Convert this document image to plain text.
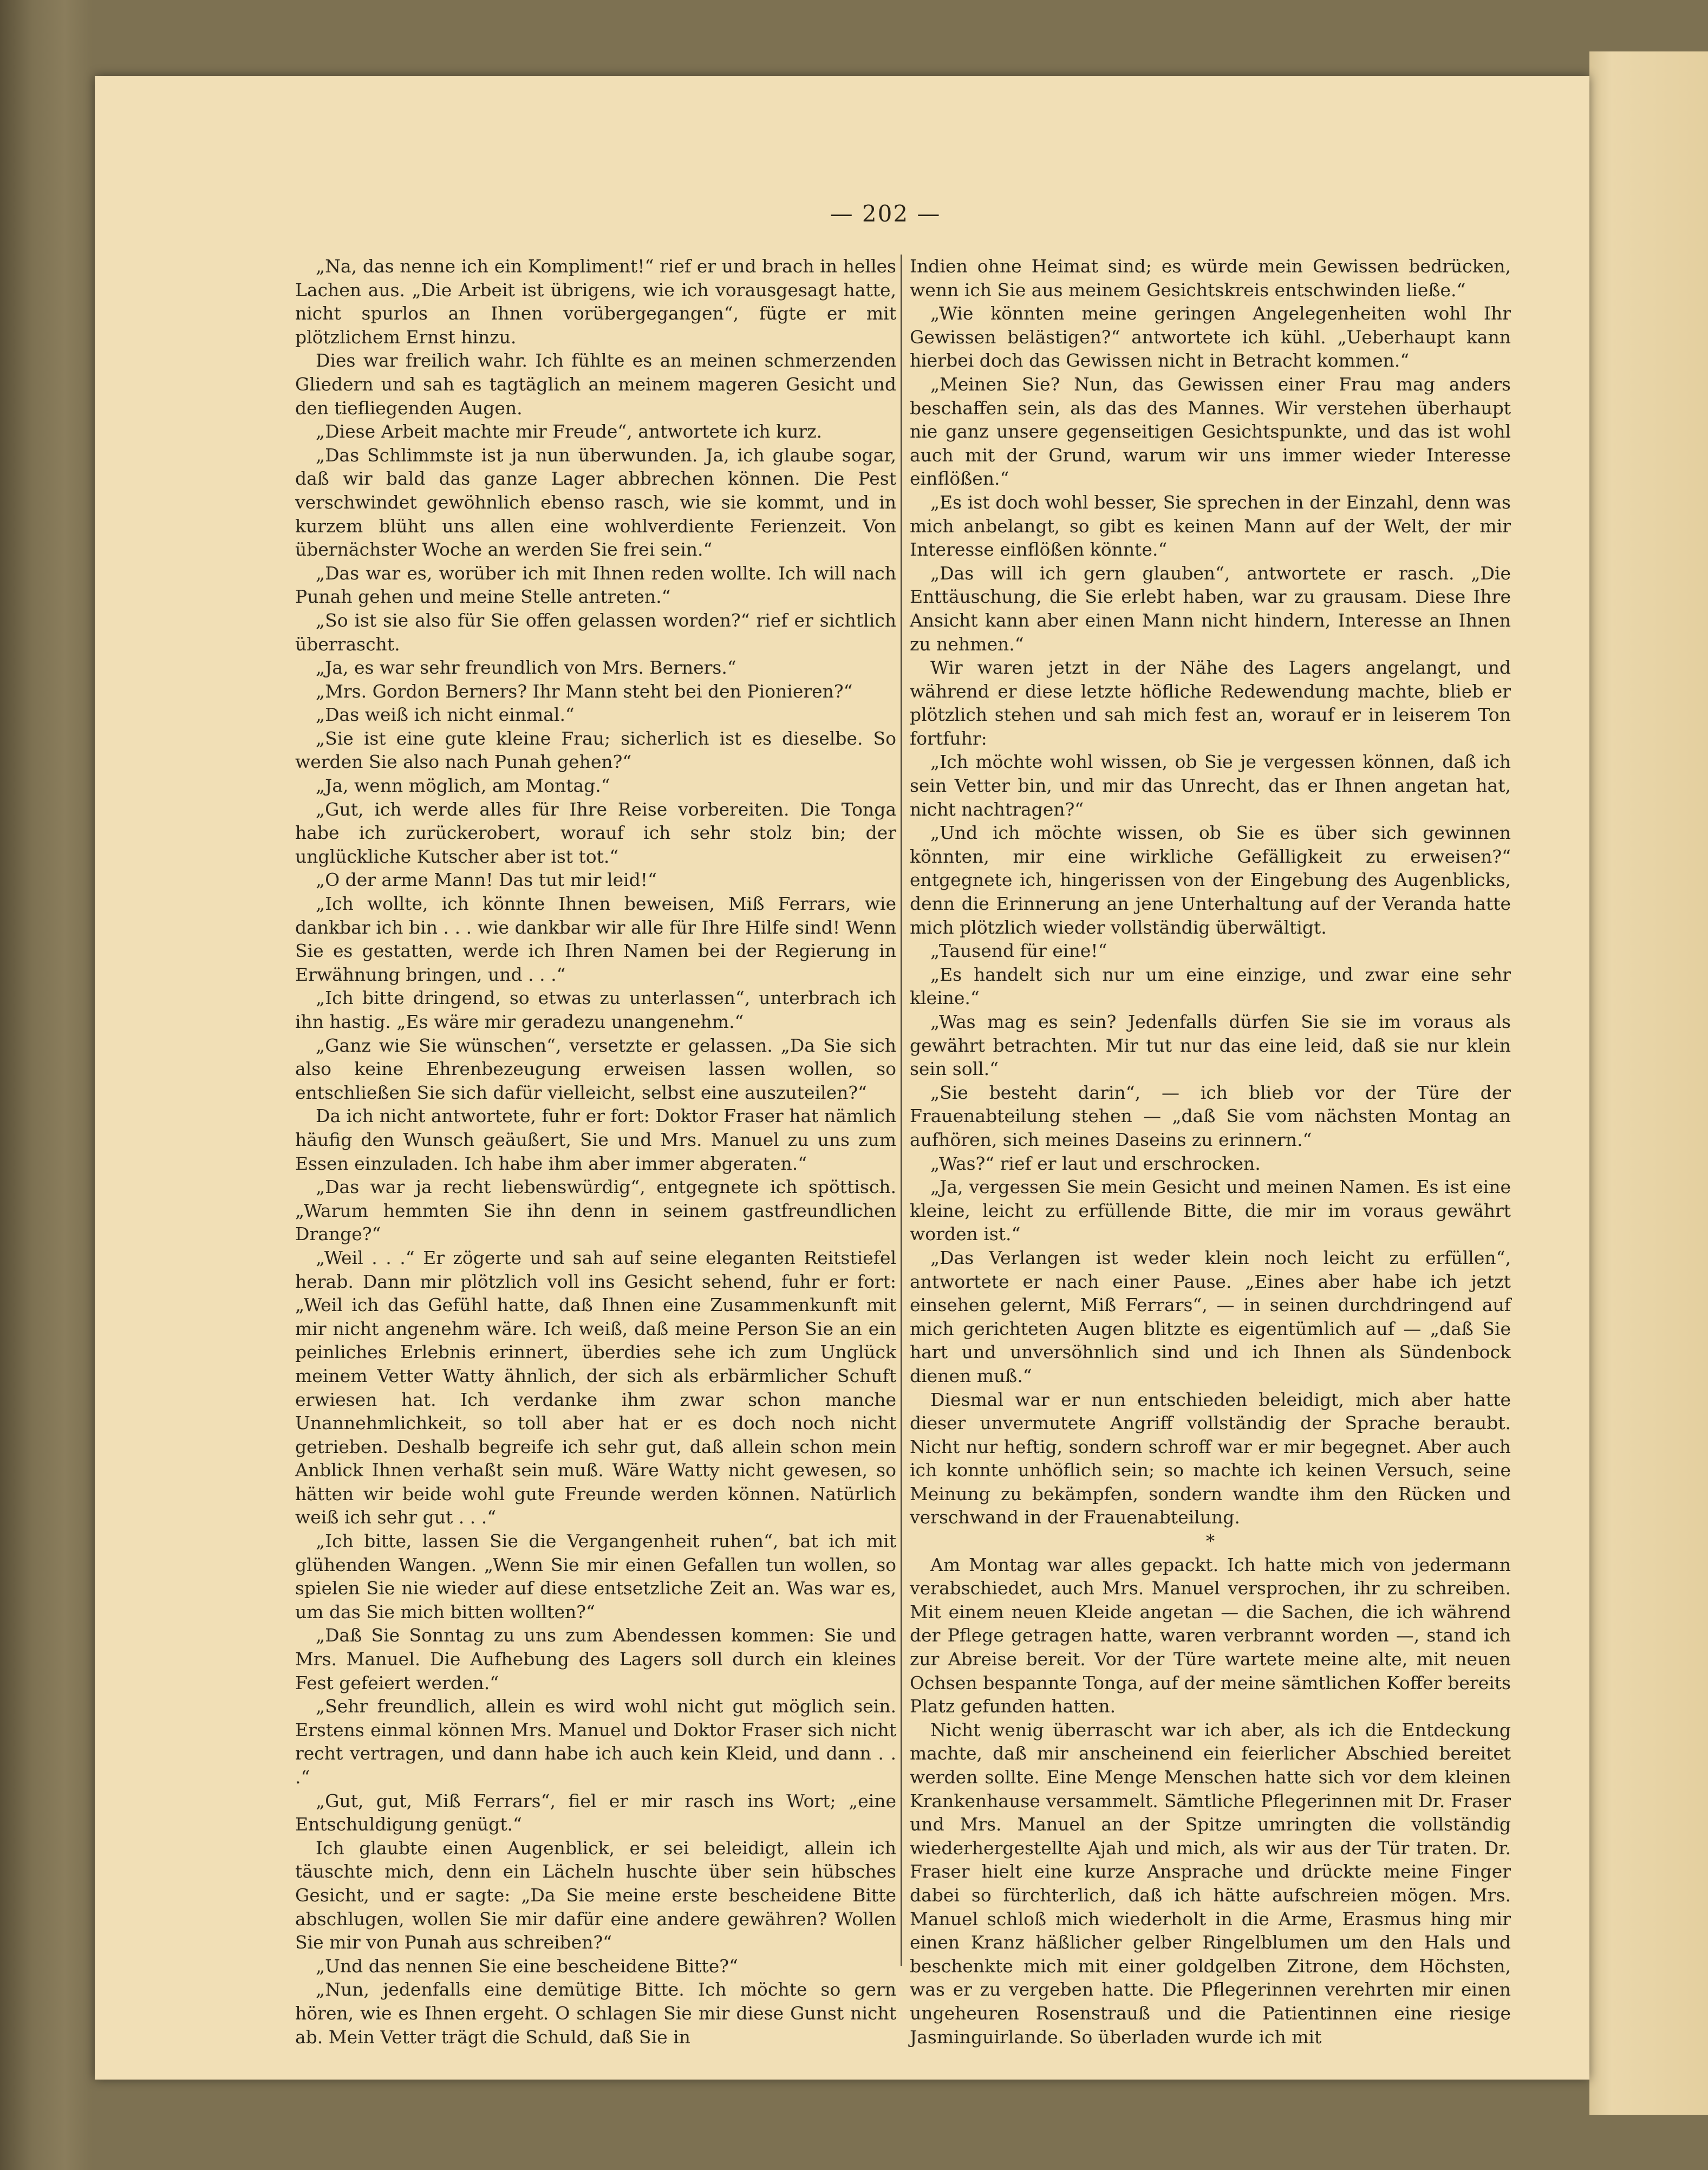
— 202 —

„Na, das nenne ich ein Kompliment!“ rief er und brach in helles Lachen aus. „Die Arbeit ist übrigens, wie ich vorausgesagt hatte, nicht spurlos an Ihnen vorübergegangen“, fügte er mit plötzlichem Ernst hinzu.

Dies war freilich wahr. Ich fühlte es an meinen schmerzenden Gliedern und sah es tagtäglich an meinem mageren Gesicht und den tiefliegenden Augen.

„Diese Arbeit machte mir Freude“, antwortete ich kurz.

„Das Schlimmste ist ja nun überwunden. Ja, ich glaube sogar, daß wir bald das ganze Lager abbrechen können. Die Pest verschwindet gewöhnlich ebenso rasch, wie sie kommt, und in kurzem blüht uns allen eine wohlverdiente Ferienzeit. Von übernächster Woche an werden Sie frei sein.“

„Das war es, worüber ich mit Ihnen reden wollte. Ich will nach Punah gehen und meine Stelle antreten.“

„So ist sie also für Sie offen gelassen worden?“ rief er sichtlich überrascht.

„Ja, es war sehr freundlich von Mrs. Berners.“

„Mrs. Gordon Berners? Ihr Mann steht bei den Pionieren?“

„Das weiß ich nicht einmal.“

„Sie ist eine gute kleine Frau; sicherlich ist es dieselbe. So werden Sie also nach Punah gehen?“

„Ja, wenn möglich, am Montag.“

„Gut, ich werde alles für Ihre Reise vorbereiten. Die Tonga habe ich zurückerobert, worauf ich sehr stolz bin; der unglückliche Kutscher aber ist tot.“

„O der arme Mann! Das tut mir leid!“

„Ich wollte, ich könnte Ihnen beweisen, Miß Ferrars, wie dankbar ich bin . . . wie dankbar wir alle für Ihre Hilfe sind! Wenn Sie es gestatten, werde ich Ihren Namen bei der Regierung in Erwähnung bringen, und . . .“

„Ich bitte dringend, so etwas zu unterlassen“, unterbrach ich ihn hastig. „Es wäre mir geradezu unangenehm.“

„Ganz wie Sie wünschen“, versetzte er gelassen. „Da Sie sich also keine Ehrenbezeugung erweisen lassen wollen, so entschließen Sie sich dafür vielleicht, selbst eine auszuteilen?“

Da ich nicht antwortete, fuhr er fort: Doktor Fraser hat nämlich häufig den Wunsch geäußert, Sie und Mrs. Manuel zu uns zum Essen einzuladen. Ich habe ihm aber immer abgeraten.“

„Das war ja recht liebenswürdig“, entgegnete ich spöttisch. „Warum hemmten Sie ihn denn in seinem gastfreundlichen Drange?“

„Weil . . .“ Er zögerte und sah auf seine eleganten Reitstiefel herab. Dann mir plötzlich voll ins Gesicht sehend, fuhr er fort: „Weil ich das Gefühl hatte, daß Ihnen eine Zusammenkunft mit mir nicht angenehm wäre. Ich weiß, daß meine Person Sie an ein peinliches Erlebnis erinnert, überdies sehe ich zum Unglück meinem Vetter Watty ähnlich, der sich als erbärmlicher Schuft erwiesen hat. Ich verdanke ihm zwar schon manche Unannehmlichkeit, so toll aber hat er es doch noch nicht getrieben. Deshalb begreife ich sehr gut, daß allein schon mein Anblick Ihnen verhaßt sein muß. Wäre Watty nicht gewesen, so hätten wir beide wohl gute Freunde werden können. Natürlich weiß ich sehr gut . . .“

„Ich bitte, lassen Sie die Vergangenheit ruhen“, bat ich mit glühenden Wangen. „Wenn Sie mir einen Gefallen tun wollen, so spielen Sie nie wieder auf diese entsetzliche Zeit an. Was war es, um das Sie mich bitten wollten?“

„Daß Sie Sonntag zu uns zum Abendessen kommen: Sie und Mrs. Manuel. Die Aufhebung des Lagers soll durch ein kleines Fest gefeiert werden.“

„Sehr freundlich, allein es wird wohl nicht gut möglich sein. Erstens einmal können Mrs. Manuel und Doktor Fraser sich nicht recht vertragen, und dann habe ich auch kein Kleid, und dann . . .“

„Gut, gut, Miß Ferrars“, fiel er mir rasch ins Wort; „eine Entschuldigung genügt.“

Ich glaubte einen Augenblick, er sei beleidigt, allein ich täuschte mich, denn ein Lächeln huschte über sein hübsches Gesicht, und er sagte: „Da Sie meine erste bescheidene Bitte abschlugen, wollen Sie mir dafür eine andere gewähren? Wollen Sie mir von Punah aus schreiben?“

„Und das nennen Sie eine bescheidene Bitte?“

„Nun, jedenfalls eine demütige Bitte. Ich möchte so gern hören, wie es Ihnen ergeht. O schlagen Sie mir diese Gunst nicht ab. Mein Vetter trägt die Schuld, daß Sie in

Indien ohne Heimat sind; es würde mein Gewissen bedrücken, wenn ich Sie aus meinem Gesichtskreis entschwinden ließe.“

„Wie könnten meine geringen Angelegenheiten wohl Ihr Gewissen belästigen?“ antwortete ich kühl. „Ueberhaupt kann hierbei doch das Gewissen nicht in Betracht kommen.“

„Meinen Sie? Nun, das Gewissen einer Frau mag anders beschaffen sein, als das des Mannes. Wir verstehen überhaupt nie ganz unsere gegenseitigen Gesichtspunkte, und das ist wohl auch mit der Grund, warum wir uns immer wieder Interesse einflößen.“

„Es ist doch wohl besser, Sie sprechen in der Einzahl, denn was mich anbelangt, so gibt es keinen Mann auf der Welt, der mir Interesse einflößen könnte.“

„Das will ich gern glauben“, antwortete er rasch. „Die Enttäuschung, die Sie erlebt haben, war zu grausam. Diese Ihre Ansicht kann aber einen Mann nicht hindern, Interesse an Ihnen zu nehmen.“

Wir waren jetzt in der Nähe des Lagers angelangt, und während er diese letzte höfliche Redewendung machte, blieb er plötzlich stehen und sah mich fest an, worauf er in leiserem Ton fortfuhr:

„Ich möchte wohl wissen, ob Sie je vergessen können, daß ich sein Vetter bin, und mir das Unrecht, das er Ihnen angetan hat, nicht nachtragen?“

„Und ich möchte wissen, ob Sie es über sich gewinnen könnten, mir eine wirkliche Gefälligkeit zu erweisen?“ entgegnete ich, hingerissen von der Eingebung des Augenblicks, denn die Erinnerung an jene Unterhaltung auf der Veranda hatte mich plötzlich wieder vollständig überwältigt.

„Tausend für eine!“

„Es handelt sich nur um eine einzige, und zwar eine sehr kleine.“

„Was mag es sein? Jedenfalls dürfen Sie sie im voraus als gewährt betrachten. Mir tut nur das eine leid, daß sie nur klein sein soll.“

„Sie besteht darin“, — ich blieb vor der Türe der Frauenabteilung stehen — „daß Sie vom nächsten Montag an aufhören, sich meines Daseins zu erinnern.“

„Was?“ rief er laut und erschrocken.

„Ja, vergessen Sie mein Gesicht und meinen Namen. Es ist eine kleine, leicht zu erfüllende Bitte, die mir im voraus gewährt worden ist.“

„Das Verlangen ist weder klein noch leicht zu erfüllen“, antwortete er nach einer Pause. „Eines aber habe ich jetzt einsehen gelernt, Miß Ferrars“, — in seinen durchdringend auf mich gerichteten Augen blitzte es eigentümlich auf — „daß Sie hart und unversöhnlich sind und ich Ihnen als Sündenbock dienen muß.“

Diesmal war er nun entschieden beleidigt, mich aber hatte dieser unvermutete Angriff vollständig der Sprache beraubt. Nicht nur heftig, sondern schroff war er mir begegnet. Aber auch ich konnte unhöflich sein; so machte ich keinen Versuch, seine Meinung zu bekämpfen, sondern wandte ihm den Rücken und verschwand in der Frauenabteilung.

*

Am Montag war alles gepackt. Ich hatte mich von jedermann verabschiedet, auch Mrs. Manuel versprochen, ihr zu schreiben. Mit einem neuen Kleide angetan — die Sachen, die ich während der Pflege getragen hatte, waren verbrannt worden —, stand ich zur Abreise bereit. Vor der Türe wartete meine alte, mit neuen Ochsen bespannte Tonga, auf der meine sämtlichen Koffer bereits Platz gefunden hatten.

Nicht wenig überrascht war ich aber, als ich die Entdeckung machte, daß mir anscheinend ein feierlicher Abschied bereitet werden sollte. Eine Menge Menschen hatte sich vor dem kleinen Krankenhause versammelt. Sämtliche Pflegerinnen mit Dr. Fraser und Mrs. Manuel an der Spitze umringten die vollständig wiederhergestellte Ajah und mich, als wir aus der Tür traten. Dr. Fraser hielt eine kurze Ansprache und drückte meine Finger dabei so fürchterlich, daß ich hätte aufschreien mögen. Mrs. Manuel schloß mich wiederholt in die Arme, Erasmus hing mir einen Kranz häßlicher gelber Ringelblumen um den Hals und beschenkte mich mit einer goldgelben Zitrone, dem Höchsten, was er zu vergeben hatte. Die Pflegerinnen verehrten mir einen ungeheuren Rosenstrauß und die Patientinnen eine riesige Jasminguirlande. So überladen wurde ich mit
